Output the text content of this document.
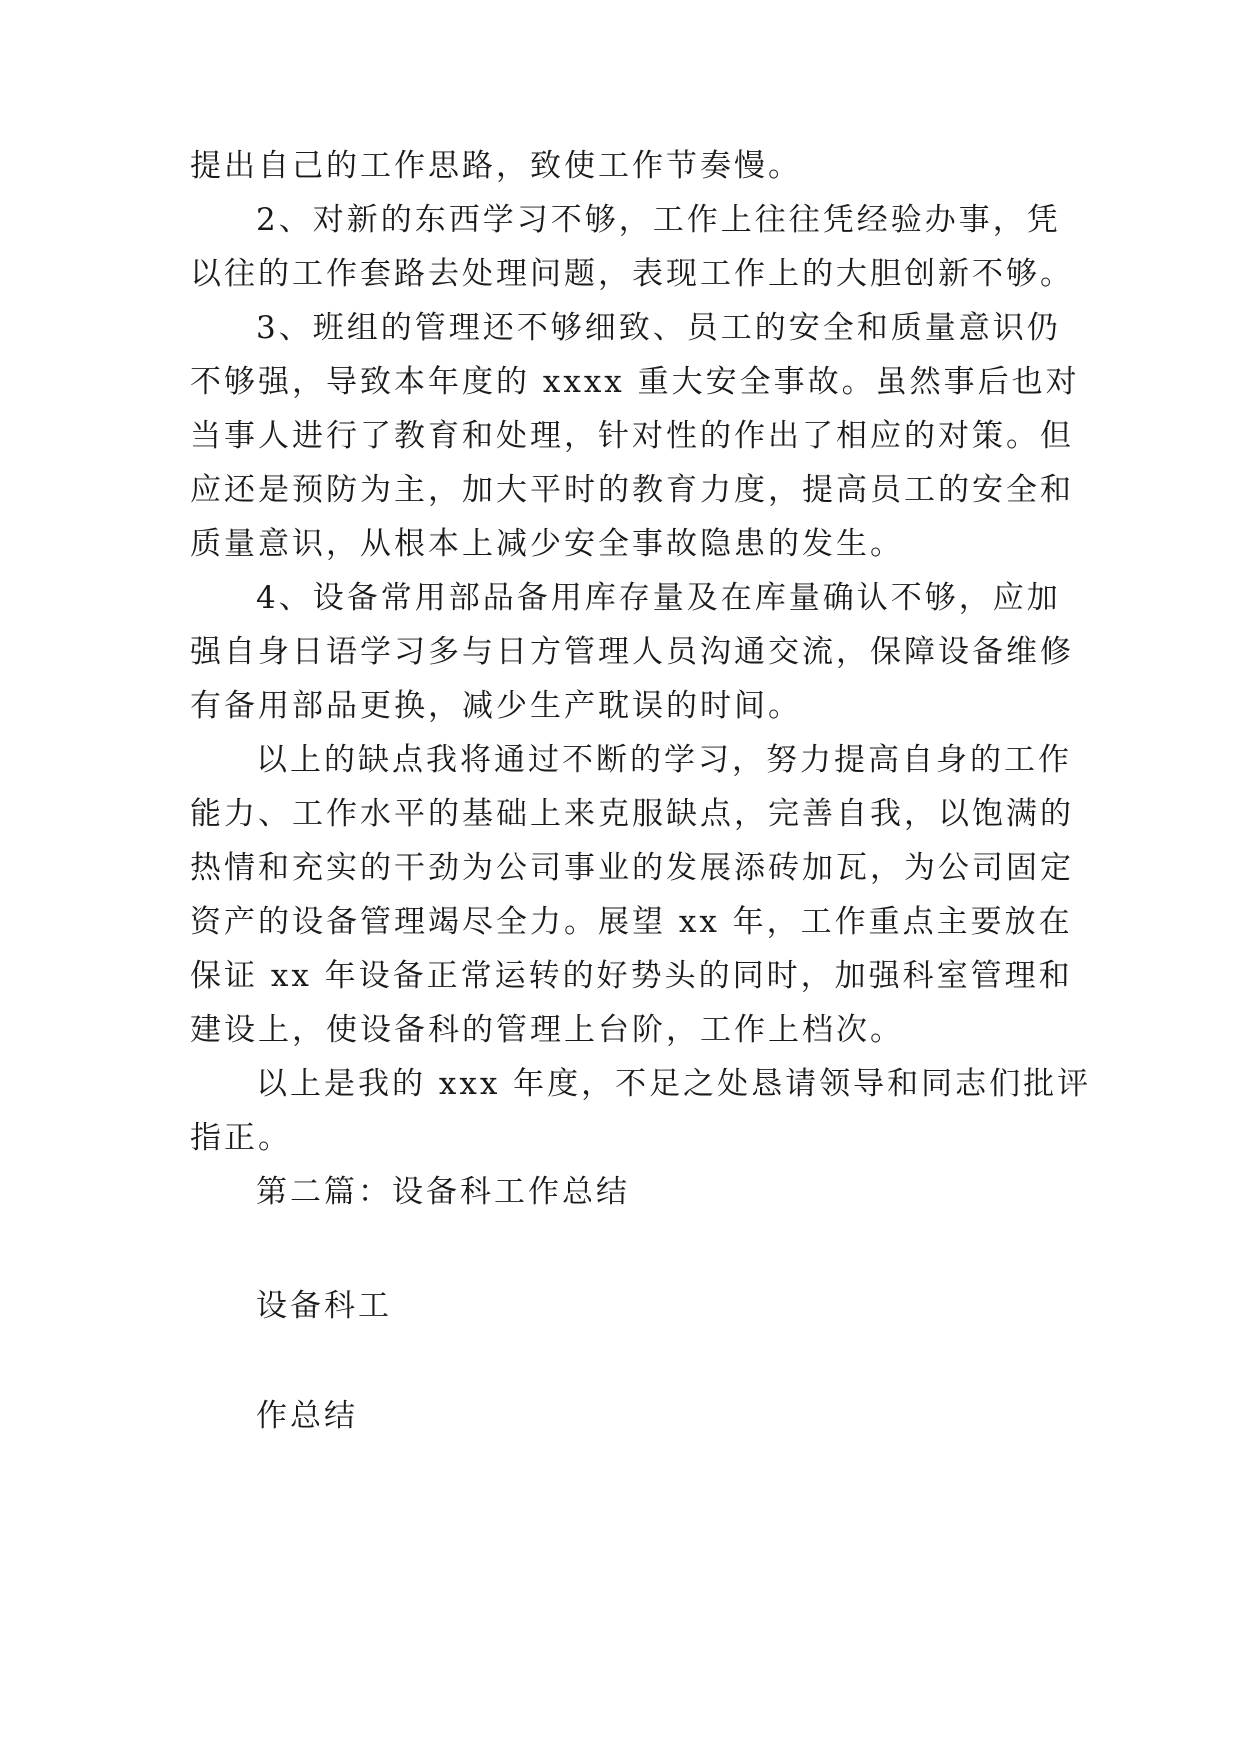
提出自己的工作思路，致使工作节奏慢。
2、对新的东西学习不够，工作上往往凭经验办事，凭
以往的工作套路去处理问题，表现工作上的大胆创新不够。
3、班组的管理还不够细致、员工的安全和质量意识仍
不够强，导致本年度的 xxxx 重大安全事故。虽然事后也对
当事人进行了教育和处理，针对性的作出了相应的对策。但
应还是预防为主，加大平时的教育力度，提高员工的安全和
质量意识，从根本上减少安全事故隐患的发生。
4、设备常用部品备用库存量及在库量确认不够，应加
强自身日语学习多与日方管理人员沟通交流，保障设备维修
有备用部品更换，减少生产耽误的时间。
以上的缺点我将通过不断的学习，努力提高自身的工作
能力、工作水平的基础上来克服缺点，完善自我，以饱满的
热情和充实的干劲为公司事业的发展添砖加瓦，为公司固定
资产的设备管理竭尽全力。展望 xx 年，工作重点主要放在
保证 xx 年设备正常运转的好势头的同时，加强科室管理和
建设上，使设备科的管理上台阶，工作上档次。
以上是我的 xxx 年度，不足之处恳请领导和同志们批评
指正。
第二篇：设备科工作总结
设备科工
作总结
